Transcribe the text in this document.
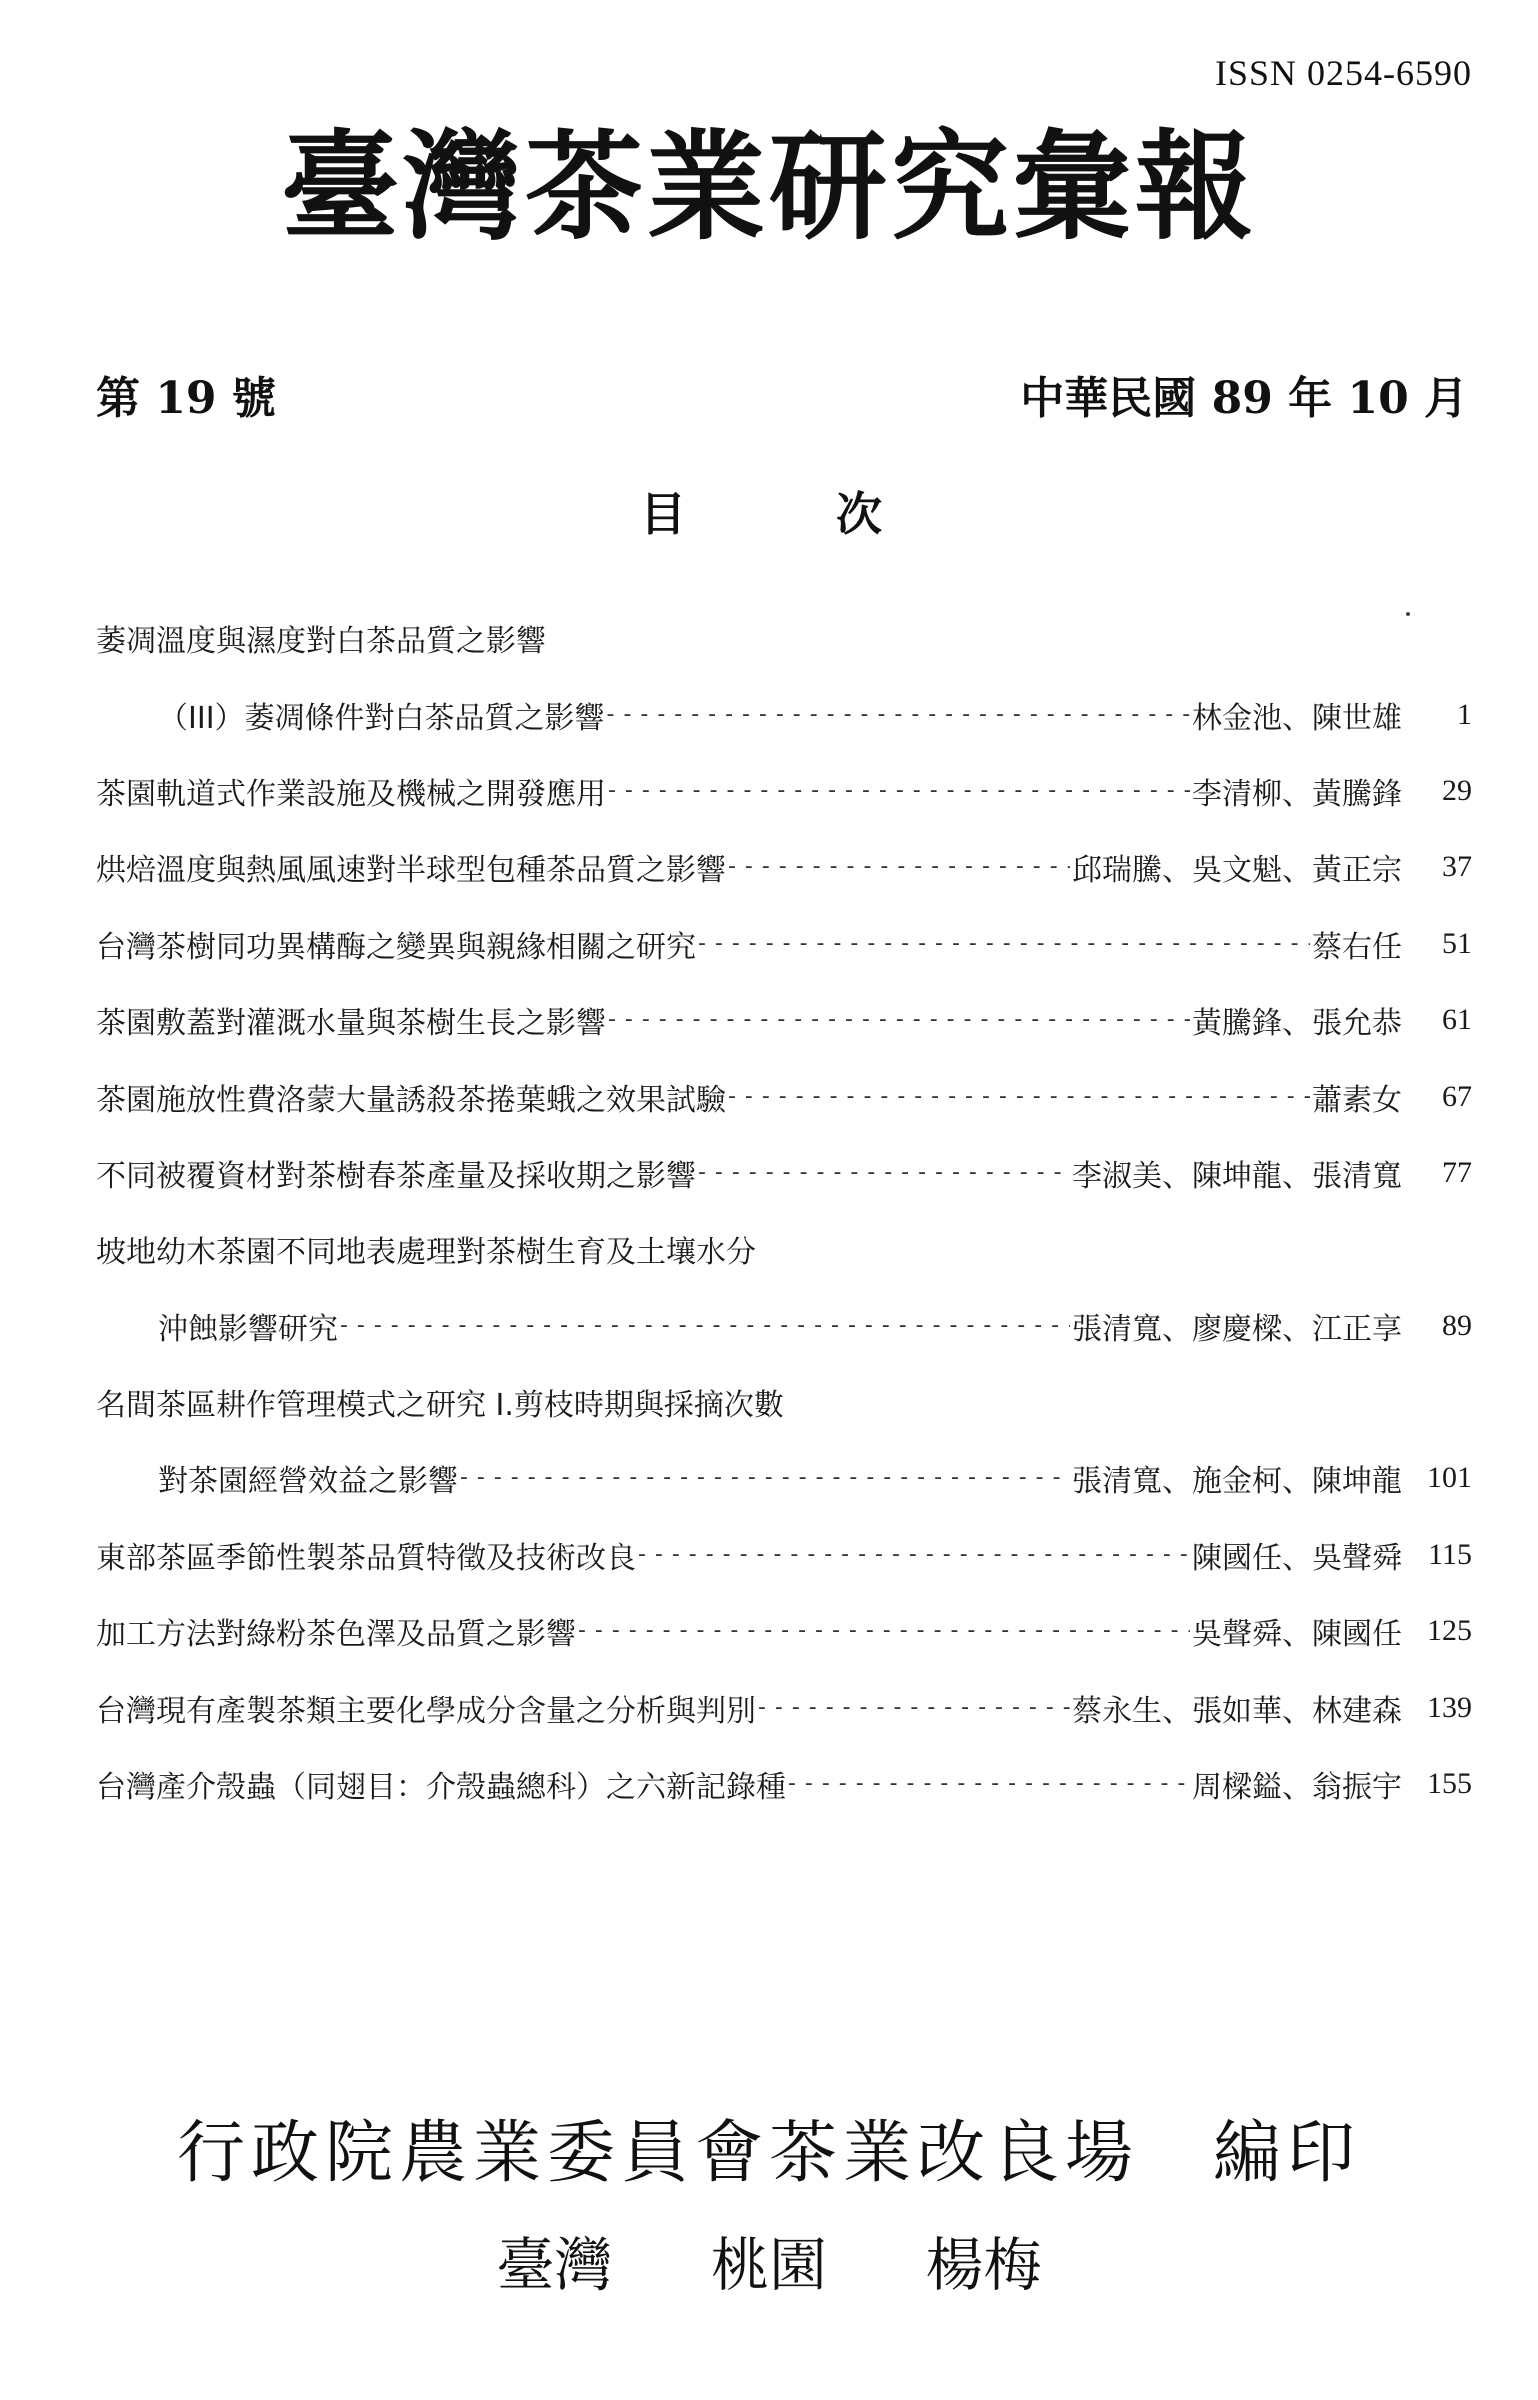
ISSN 0254-6590
臺灣茶業研究彙報
第 19 號	中華民國 89 年 10 月
目次
萎凋溫度與濕度對白茶品質之影響
（III）萎凋條件對白茶品質之影響 - - -	林金池、陳世雄	1
茶園軌道式作業設施及機械之開發應用 - - -	李清柳、黃騰鋒	29
烘焙溫度與熱風風速對半球型包種茶品質之影響 - - -	邱瑞騰、吳文魁、黃正宗	37
台灣茶樹同功異構酶之變異與親緣相關之研究 - - -	蔡右任	51
茶園敷蓋對灌溉水量與茶樹生長之影響 - - -	黃騰鋒、張允恭	61
茶園施放性費洛蒙大量誘殺茶捲葉蛾之效果試驗 - - -	蕭素女	67
不同被覆資材對茶樹春茶產量及採收期之影響 - - -	李淑美、陳坤龍、張清寬	77
坡地幼木茶園不同地表處理對茶樹生育及土壤水分
沖蝕影響研究 - - -	張清寬、廖慶樑、江正享	89
名間茶區耕作管理模式之研究 I.剪枝時期與採摘次數
對茶園經營效益之影響 - - -	張清寬、施金柯、陳坤龍 101
東部茶區季節性製茶品質特徵及技術改良 - - -	陳國任、吳聲舜 115
加工方法對綠粉茶色澤及品質之影響 - - -	吳聲舜、陳國任 125
台灣現有產製茶類主要化學成分含量之分析與判別 - - -	蔡永生、張如華、林建森 139
台灣產介殼蟲（同翅目：介殼蟲總科）之六新記錄種 - - -	周樑鎰、翁振宇 155
行政院農業委員會茶業改良場　編印
臺灣 桃園 楊梅
